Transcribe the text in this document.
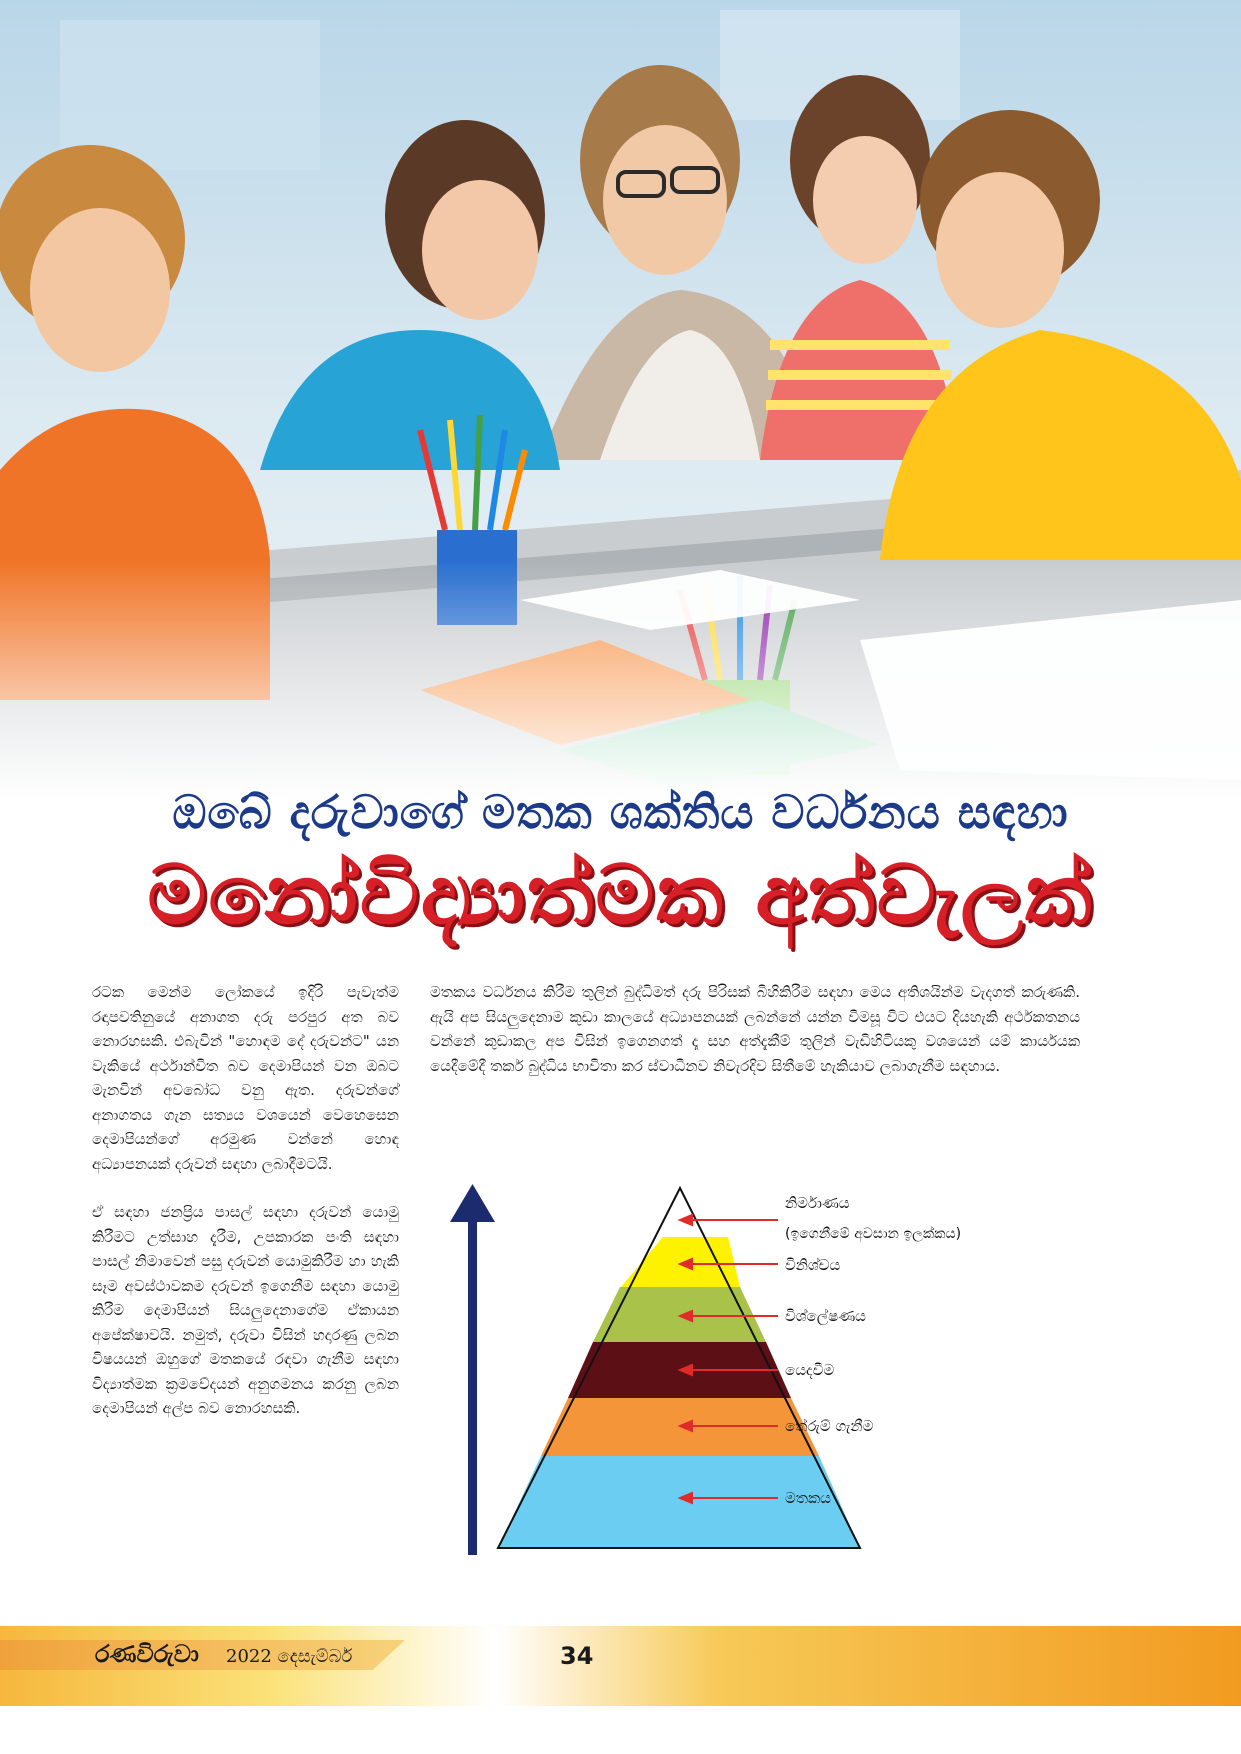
ඔබේ දරුවාගේ මතක ශක්තිය වර්ධනය සඳහා
මනෝවිද්‍යාත්මක අත්වැලක්

රටක මෙන්ම ලෝකයේ ඉදිරි පැවැත්ම රඳාපවතිනුයේ අනාගත දරු පරපුර අත බව නොරහසකි. එබැවින් "හොඳම දේ දරුවන්ට" යන වැකියේ අර්ථාන්විත බව දෙමාපියන් වන ඔබට මැනවින් අවබෝධ වනු ඇත. දරුවන්ගේ අනාගතය ගැන සත්‍යය වශයෙන් වෙහෙසෙන දෙමාපියන්ගේ අරමුණ වන්නේ හොඳ අධ්‍යාපනයක් දරුවන් සඳහා ලබාදීමටයි.

ඒ සඳහා ජනප්‍රිය පාසල් සඳහා දරුවන් යොමු කිරීමට උත්සාහ දැරීම, උපකාරක පංති සඳහා පාසල් නිමාවෙන් පසු දරුවන් යොමුකිරීම හා හැකි සෑම අවස්ථාවකම දරුවන් ඉගෙනීම සඳහා යොමු කිරීම දෙමාපියන් සියලුදෙනාගේම ඒකායන අපේක්ෂාවයි. නමුත්, දරුවා විසින් හදාරණු ලබන විෂයයන් ඔහුගේ මතකයේ රඳවා ගැනීම සඳහා විද්‍යාත්මක ක්‍රමවේදයන් අනුගමනය කරනු ලබන දෙමාපියන් අල්ප බව නොරහසකි.

මතකය වර්ධනය කිරීම තුලින් බුද්ධිමත් දරු පිරිසක් බිහිකිරීම සඳහා මෙය අතිශයින්ම වැදගත් කරුණකි. ඇයි අප සියලුදෙනාම කුඩා කාලයේ අධ්‍යාපනයක් ලබන්නේ යන්න විමසූ විට එයට දියහැකි අර්ථකතනය වන්නේ කුඩාකල අප විසින් ඉගෙනගත් දෑ සහ අත්දැකීම් තුලින් වැඩිහිටියකු වශයෙන් යම් කාර්යයක යෙදීමේදී තර්ක බුද්ධිය භාවිතා කර ස්වාධීනව නිවැරදිව සිතීමේ හැකියාව ලබාගැනීම සඳහාය.

නිර්මාණය
(ඉගෙනීමේ අවසාන ඉලක්කය)
විනිශ්චය
විශ්ලේෂණය
යෙදවීම
තේරුම් ගැනීම
මතකය
රණවිරුවා 2022 දෙසැම්බර්	34
